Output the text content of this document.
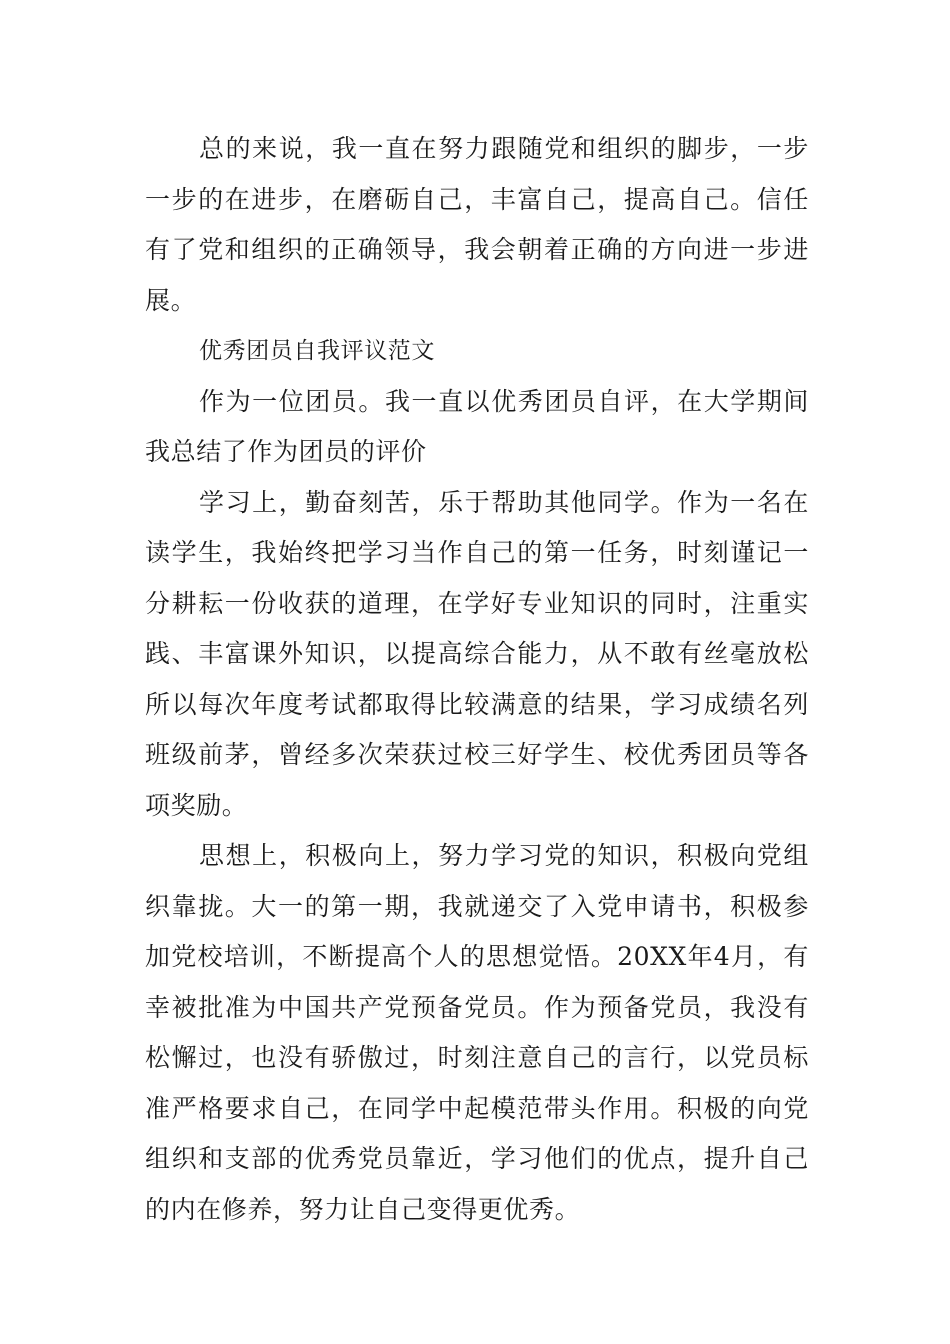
总的来说，我一直在努力跟随党和组织的脚步，一步一步的在进步，在磨砺自己，丰富自己，提高自己。信任有了党和组织的正确领导，我会朝着正确的方向进一步进展。

优秀团员自我评议范文

作为一位团员。我一直以优秀团员自评，在大学期间我总结了作为团员的评价

学习上，勤奋刻苦，乐于帮助其他同学。作为一名在读学生，我始终把学习当作自己的第一任务，时刻谨记一分耕耘一份收获的道理，在学好专业知识的同时，注重实践、丰富课外知识，以提高综合能力，从不敢有丝毫放松所以每次年度考试都取得比较满意的结果，学习成绩名列班级前茅，曾经多次荣获过校三好学生、校优秀团员等各项奖励。

思想上，积极向上，努力学习党的知识，积极向党组织靠拢。大一的第一期，我就递交了入党申请书，积极参加党校培训，不断提高个人的思想觉悟。20XX年4月，有幸被批准为中国共产党预备党员。作为预备党员，我没有松懈过，也没有骄傲过，时刻注意自己的言行，以党员标准严格要求自己，在同学中起模范带头作用。积极的向党组织和支部的优秀党员靠近，学习他们的优点，提升自己的内在修养，努力让自己变得更优秀。
